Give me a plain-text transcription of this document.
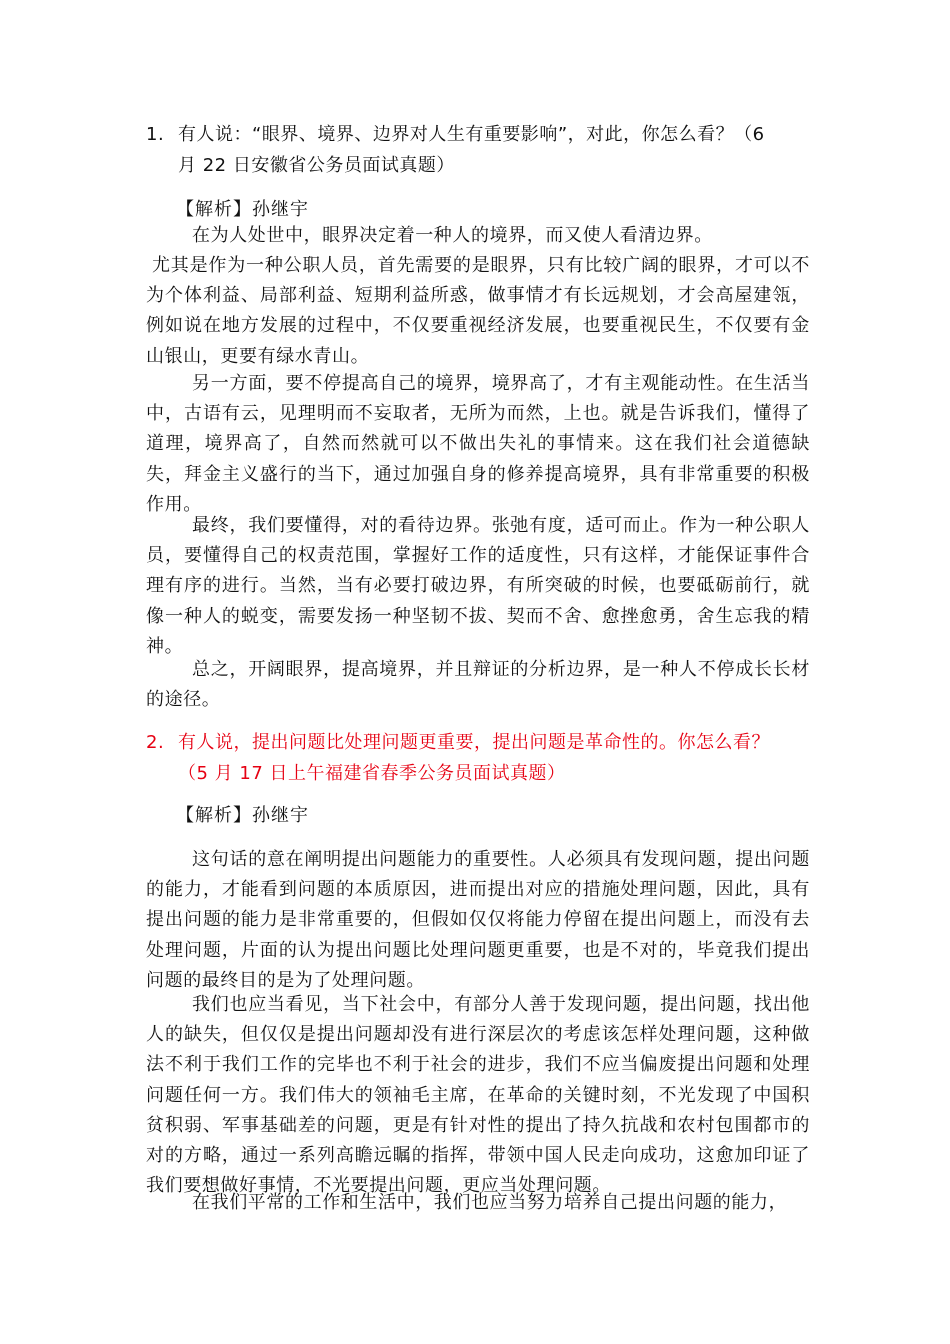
1. 有人说：“眼界、境界、边界对人生有重要影响”，对此，你怎么看？（6
月 22 日安徽省公务员面试真题）
【解析】孙继宇
在为人处世中，眼界决定着一种人的境界，而又使人看清边界。
尤其是作为一种公职人员，首先需要的是眼界，只有比较广阔的眼界，才可以不为个体利益、局部利益、短期利益所惑，做事情才有长远规划，才会高屋建瓴，例如说在地方发展的过程中，不仅要重视经济发展，也要重视民生，不仅要有金山银山，更要有绿水青山。
另一方面，要不停提高自己的境界，境界高了，才有主观能动性。在生活当中，古语有云，见理明而不妄取者，无所为而然，上也。就是告诉我们，懂得了道理，境界高了，自然而然就可以不做出失礼的事情来。这在我们社会道德缺失，拜金主义盛行的当下，通过加强自身的修养提高境界，具有非常重要的积极作用。
最终，我们要懂得，对的看待边界。张弛有度，适可而止。作为一种公职人员，要懂得自己的权责范围，掌握好工作的适度性，只有这样，才能保证事件合理有序的进行。当然，当有必要打破边界，有所突破的时候，也要砥砺前行，就像一种人的蜕变，需要发扬一种坚韧不拔、契而不舍、愈挫愈勇，舍生忘我的精神。
总之，开阔眼界，提高境界，并且辩证的分析边界，是一种人不停成长长材的途径。
2. 有人说，提出问题比处理问题更重要，提出问题是革命性的。你怎么看？
（5 月 17 日上午福建省春季公务员面试真题）
【解析】孙继宇
这句话的意在阐明提出问题能力的重要性。人必须具有发现问题，提出问题的能力，才能看到问题的本质原因，进而提出对应的措施处理问题，因此，具有提出问题的能力是非常重要的，但假如仅仅将能力停留在提出问题上，而没有去处理问题，片面的认为提出问题比处理问题更重要，也是不对的，毕竟我们提出问题的最终目的是为了处理问题。
我们也应当看见，当下社会中，有部分人善于发现问题，提出问题，找出他人的缺失，但仅仅是提出问题却没有进行深层次的考虑该怎样处理问题，这种做法不利于我们工作的完毕也不利于社会的进步，我们不应当偏废提出问题和处理问题任何一方。我们伟大的领袖毛主席，在革命的关键时刻，不光发现了中国积贫积弱、军事基础差的问题，更是有针对性的提出了持久抗战和农村包围都市的对的方略，通过一系列高瞻远瞩的指挥，带领中国人民走向成功，这愈加印证了我们要想做好事情，不光要提出问题，更应当处理问题。
在我们平常的工作和生活中，我们也应当努力培养自己提出问题的能力，
